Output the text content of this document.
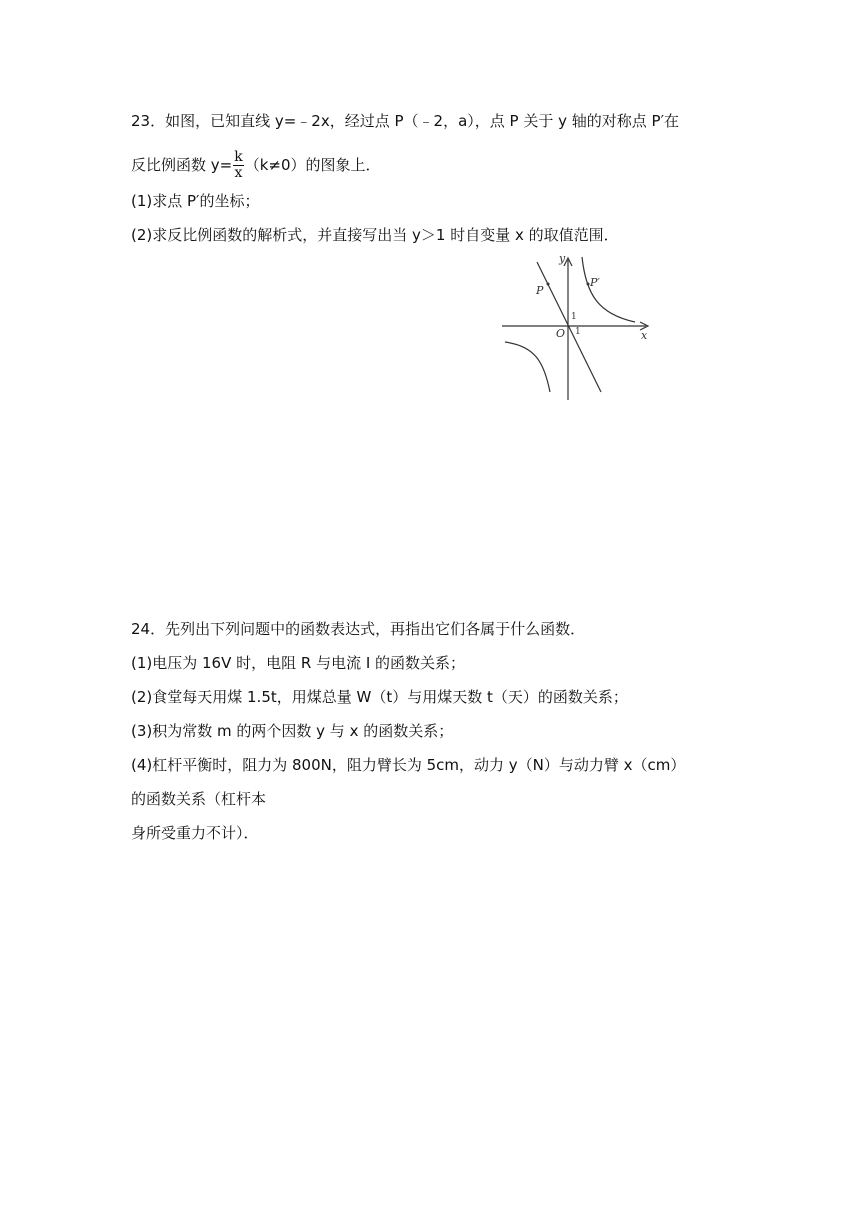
23．如图，已知直线 y=﹣2x，经过点 P（﹣2，a），点 P 关于 y 轴的对称点 P′在
反比例函数 $y= \frac{k}{x} (k\ne 0)$的图象上．
(1)求点 P′的坐标；
(2)求反比例函数的解析式，并直接写出当 y＞1 时自变量 x 的取值范围．
y
x
O
P
P′
1
1
24．先列出下列问题中的函数表达式，再指出它们各属于什么函数．
(1)电压为 16V 时，电阻 R 与电流 I 的函数关系；
(2)食堂每天用煤 1.5t，用煤总量 W（t）与用煤天数 t（天）的函数关系；
(3)积为常数 m 的两个因数 y 与 x 的函数关系；
(4)杠杆平衡时，阻力为 800N，阻力臂长为 5cm，动力 y（N）与动力臂 x（cm）
的函数关系（杠杆本
身所受重力不计）．
